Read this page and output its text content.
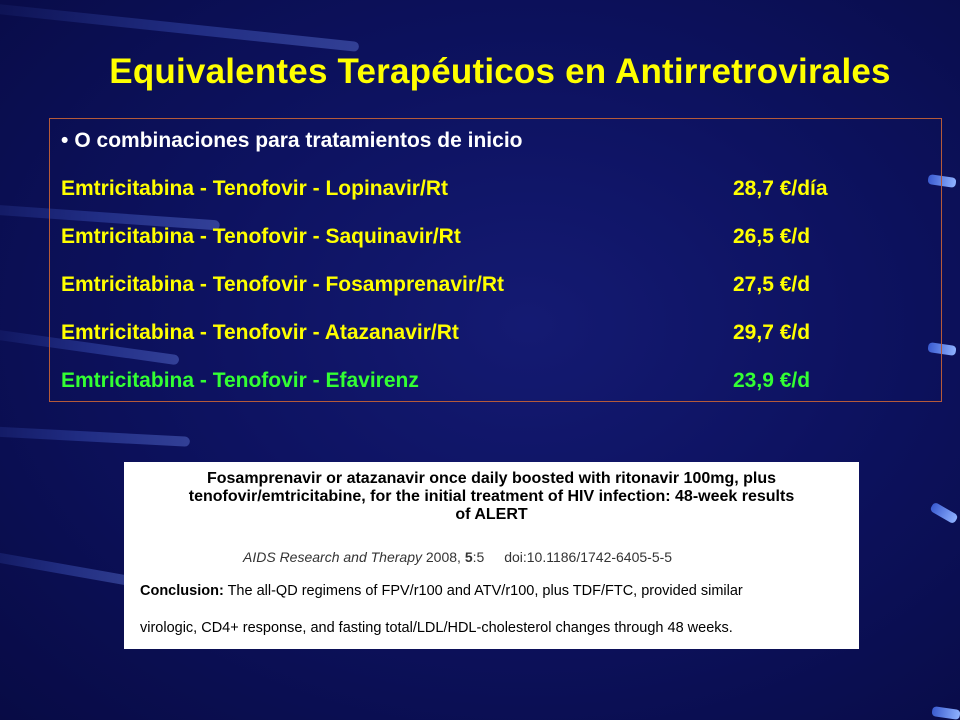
Equivalentes Terapéuticos en Antirretrovirales
• O combinaciones para tratamientos de inicio
Emtricitabina - Tenofovir - Lopinavir/Rt	28,7 €/día
Emtricitabina - Tenofovir - Saquinavir/Rt	26,5 €/d
Emtricitabina - Tenofovir - Fosamprenavir/Rt	27,5 €/d
Emtricitabina - Tenofovir - Atazanavir/Rt	29,7 €/d
Emtricitabina - Tenofovir - Efavirenz	23,9 €/d
Fosamprenavir or atazanavir once daily boosted with ritonavir 100mg, plus
tenofovir/emtricitabine, for the initial treatment of HIV infection: 48-week results
of ALERT
AIDS Research and Therapy 2008, 5:5 doi:10.1186/1742-6405-5-5
Conclusion: The all-QD regimens of FPV/r100 and ATV/r100, plus TDF/FTC, provided similar
virologic, CD4+ response, and fasting total/LDL/HDL-cholesterol changes through 48 weeks.
